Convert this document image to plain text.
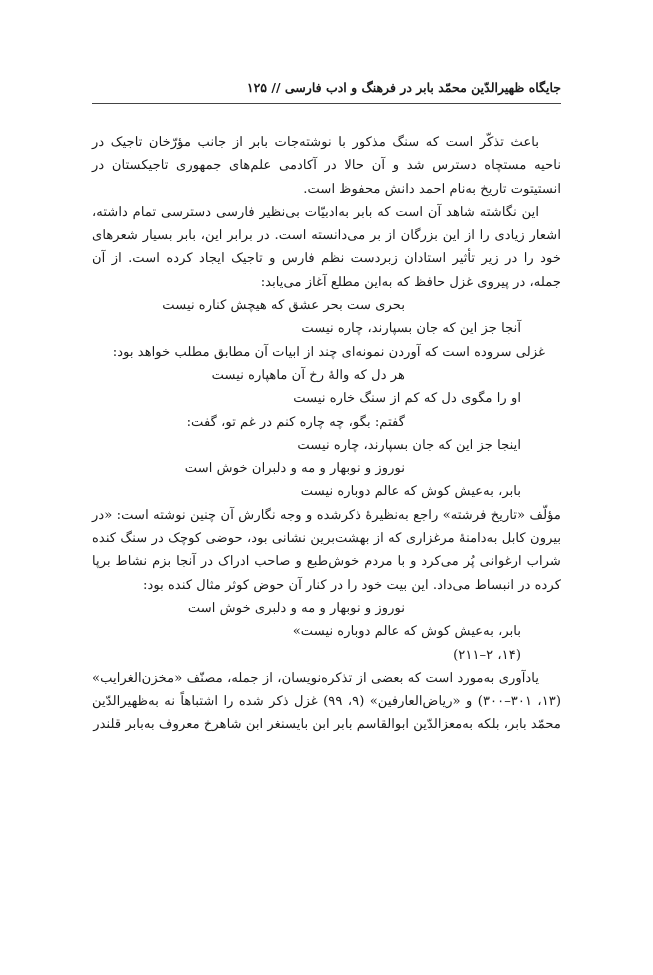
جایگاه ظهیرالدّین محمّد بابر در فرهنگ و ادب فارسی // ۱۲۵

باعث تذکّر است که سنگ مذکور با نوشته‌جات بابر از جانب مؤرّخان تاجیک در ناحیه مستچاه دسترس شد و آن حالا در آکادمی علم‌های جمهوری تاجیکستان در انستیتوت تاریخ به‌نام احمد دانش محفوظ است.

این نگاشته شاهد آن است که بابر به‌ادبیّات بی‌نظیر فارسی دسترسی تمام داشته، اشعار زیادی را از این بزرگان از بر می‌دانسته است. در برابر این، بابر بسیار شعرهای خود را در زیر تأثیر استادان زبردست نظم فارس و تاجیک ایجاد کرده است. از آن جمله، در پیروی غزل حافظ که به‌این مطلع آغاز می‌یابد:

بحری ست بحر عشق که هیچش کناره نیست

آنجا جز این که جان بسپارند، چاره نیست

غزلی سروده است که آوردن نمونه‌ای چند از ابیات آن مطابق مطلب خواهد بود:

هر دل که والۀ رخ آن ماهپاره نیست

او را مگوی دل که کم از سنگ خاره نیست

گفتم: بگو، چه چاره کنم در غم تو، گفت:

اینجا جز این که جان بسپارند، چاره نیست

نوروز و نوبهار و مه و دلبران خوش است

بابر، به‌عیش کوش که عالم دوباره نیست

مؤلّف «تاریخ فرشته» راجع به‌نظیرۀ ذکرشده و وجه نگارش آن چنین نوشته است: «در بیرون کابل به‌دامنۀ مرغزاری که از بهشت‌برین نشانی بود، حوضی کوچک در سنگ کنده شراب ارغوانی پُر می‌کرد و با مردم خوش‌طبع و صاحب ادراک در آنجا بزم نشاط برپا کرده در انبساط می‌داد. این بیت خود را در کنار آن حوض کوثر مثال کنده بود:

نوروز و نوبهار و مه و دلبری خوش است

بابر، به‌عیش کوش که عالم دوباره نیست»

(۱۴، ۲–۲۱۱)

یادآوری به‌مورد است که بعضی از تذکره‌نویسان، از جمله، مصنّف «مخزن‌الغرایب» (۱۳، ۳۰۱–۳۰۰) و «ریاض‌العارفین» (۹، ۹۹) غزل ذکر شده را اشتباهاً نه به‌ظهیرالدّین محمّد بابر، بلکه به‌معزالدّین ابوالقاسم بابر ابن بایسنغر ابن شاهرخ معروف به‌بابر قلندر
